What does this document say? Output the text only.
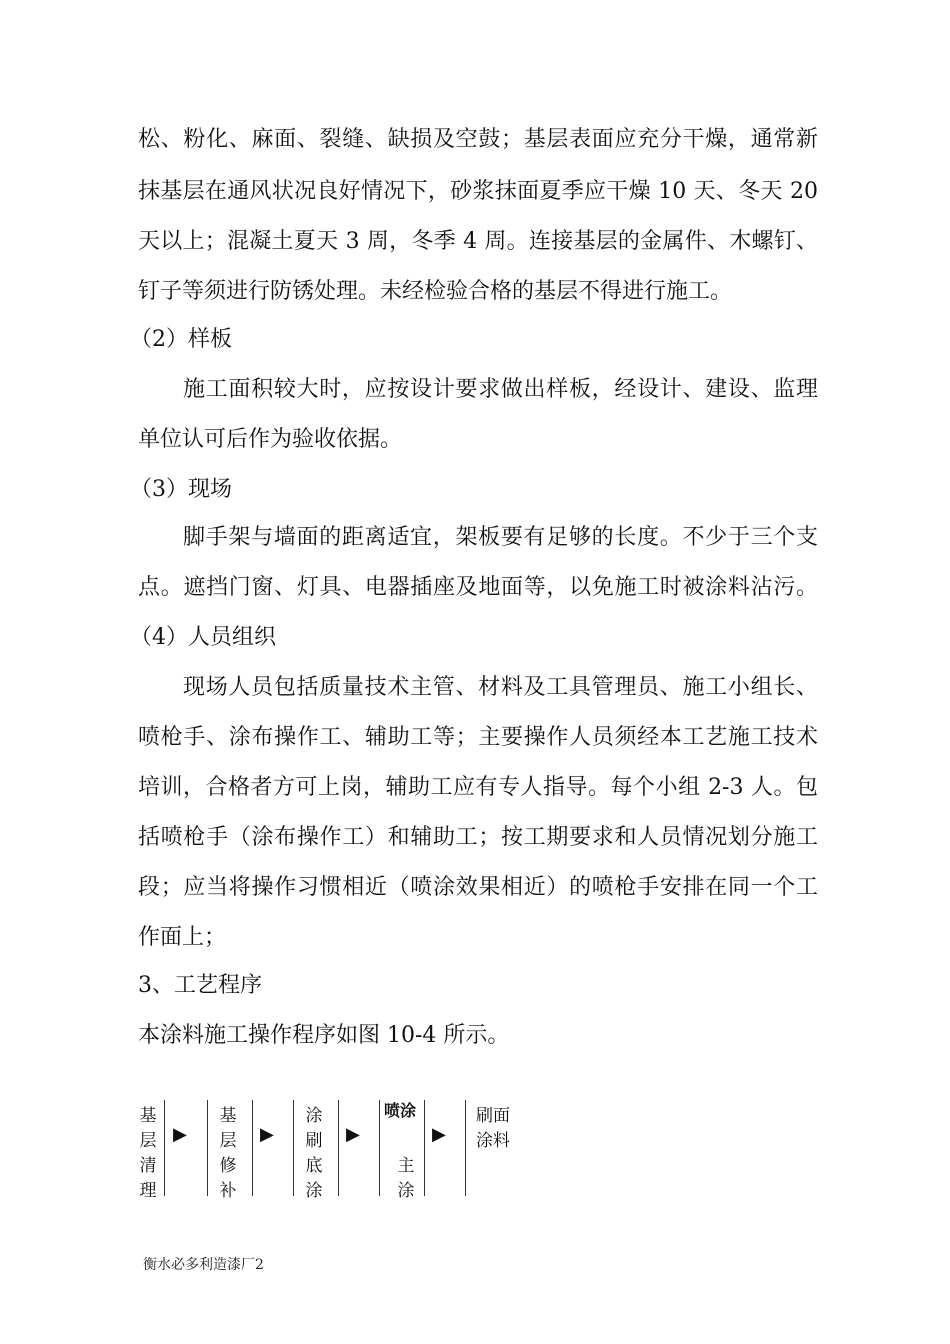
松、粉化、麻面、裂缝、缺损及空鼓；基层表面应充分干燥，通常新
抹基层在通风状况良好情况下，砂浆抹面夏季应干燥 10 天、冬天 20
天以上；混凝土夏天 3 周，冬季 4 周。连接基层的金属件、木螺钉、
钉子等须进行防锈处理。未经检验合格的基层不得进行施工。
（2）样板
施工面积较大时，应按设计要求做出样板，经设计、建设、监理
单位认可后作为验收依据。
（3）现场
脚手架与墙面的距离适宜，架板要有足够的长度。不少于三个支
点。遮挡门窗、灯具、电器插座及地面等，以免施工时被涂料沾污。
（4）人员组织
现场人员包括质量技术主管、材料及工具管理员、施工小组长、
喷枪手、涂布操作工、辅助工等；主要操作人员须经本工艺施工技术
培训，合格者方可上岗，辅助工应有专人指导。每个小组 2-3 人。包
括喷枪手（涂布操作工）和辅助工；按工期要求和人员情况划分施工
段；应当将操作习惯相近（喷涂效果相近）的喷枪手安排在同一个工
作面上；
3、工艺程序
本涂料施工操作程序如图 10-4 所示。
基层清理
▶
基层修补
▶
涂刷底涂
▶
主涂
喷涂
▶
刷面涂料
衡水必多利造漆厂2
